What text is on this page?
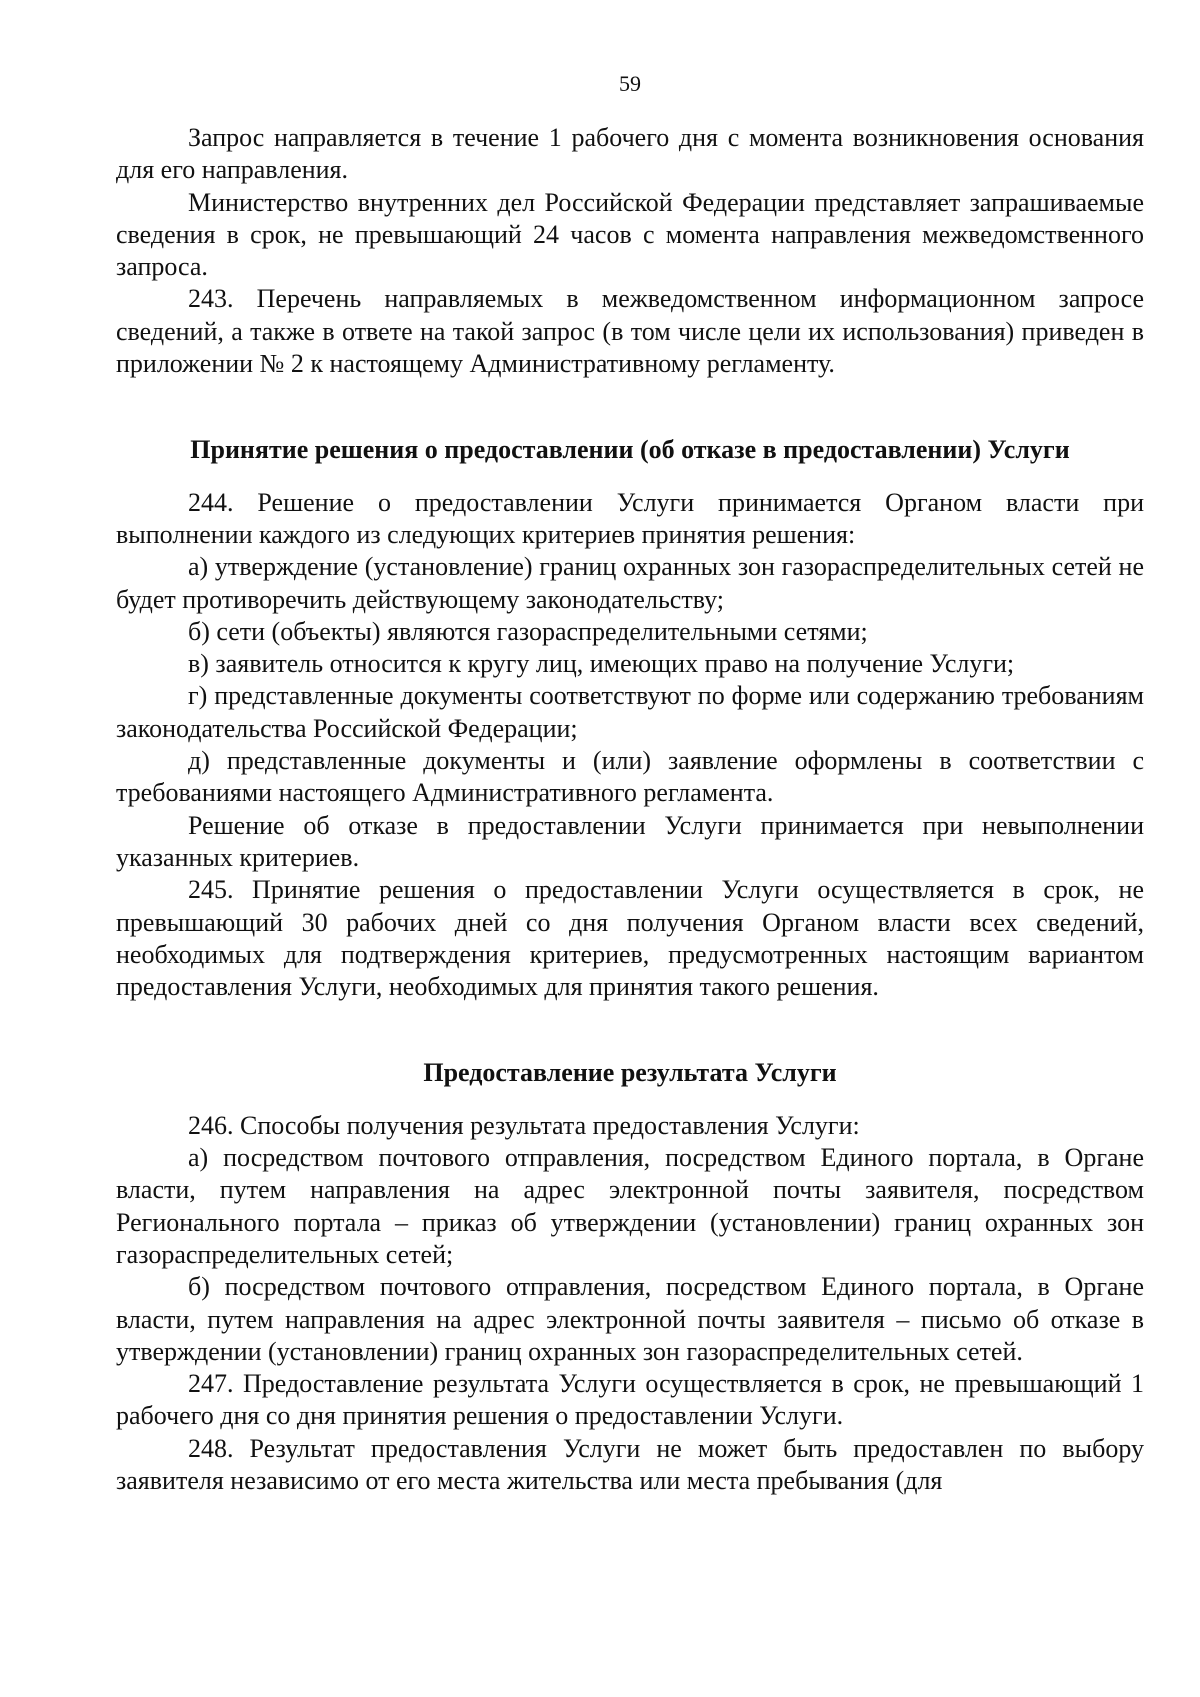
59

Запрос направляется в течение 1 рабочего дня с момента возникновения основания для его направления.

Министерство внутренних дел Российской Федерации представляет запрашиваемые сведения в срок, не превышающий 24 часов с момента направления межведомственного запроса.

243. Перечень направляемых в межведомственном информационном запросе сведений, а также в ответе на такой запрос (в том числе цели их использования) приведен в приложении № 2 к настоящему Административному регламенту.

Принятие решения о предоставлении (об отказе в предоставлении) Услуги

244. Решение о предоставлении Услуги принимается Органом власти при выполнении каждого из следующих критериев принятия решения:

а) утверждение (установление) границ охранных зон газораспределительных сетей не будет противоречить действующему законодательству;

б) сети (объекты) являются газораспределительными сетями;

в) заявитель относится к кругу лиц, имеющих право на получение Услуги;

г) представленные документы соответствуют по форме или содержанию требованиям законодательства Российской Федерации;

д) представленные документы и (или) заявление оформлены в соответствии с требованиями настоящего Административного регламента.

Решение об отказе в предоставлении Услуги принимается при невыполнении указанных критериев.

245. Принятие решения о предоставлении Услуги осуществляется в срок, не превышающий 30 рабочих дней со дня получения Органом власти всех сведений, необходимых для подтверждения критериев, предусмотренных настоящим вариантом предоставления Услуги, необходимых для принятия такого решения.

Предоставление результата Услуги

246. Способы получения результата предоставления Услуги:

а) посредством почтового отправления, посредством Единого портала, в Органе власти, путем направления на адрес электронной почты заявителя, посредством Регионального портала – приказ об утверждении (установлении) границ охранных зон газораспределительных сетей;

б) посредством почтового отправления, посредством Единого портала, в Органе власти, путем направления на адрес электронной почты заявителя – письмо об отказе в утверждении (установлении) границ охранных зон газораспределительных сетей.

247. Предоставление результата Услуги осуществляется в срок, не превышающий 1 рабочего дня со дня принятия решения о предоставлении Услуги.

248. Результат предоставления Услуги не может быть предоставлен по выбору заявителя независимо от его места жительства или места пребывания (для
